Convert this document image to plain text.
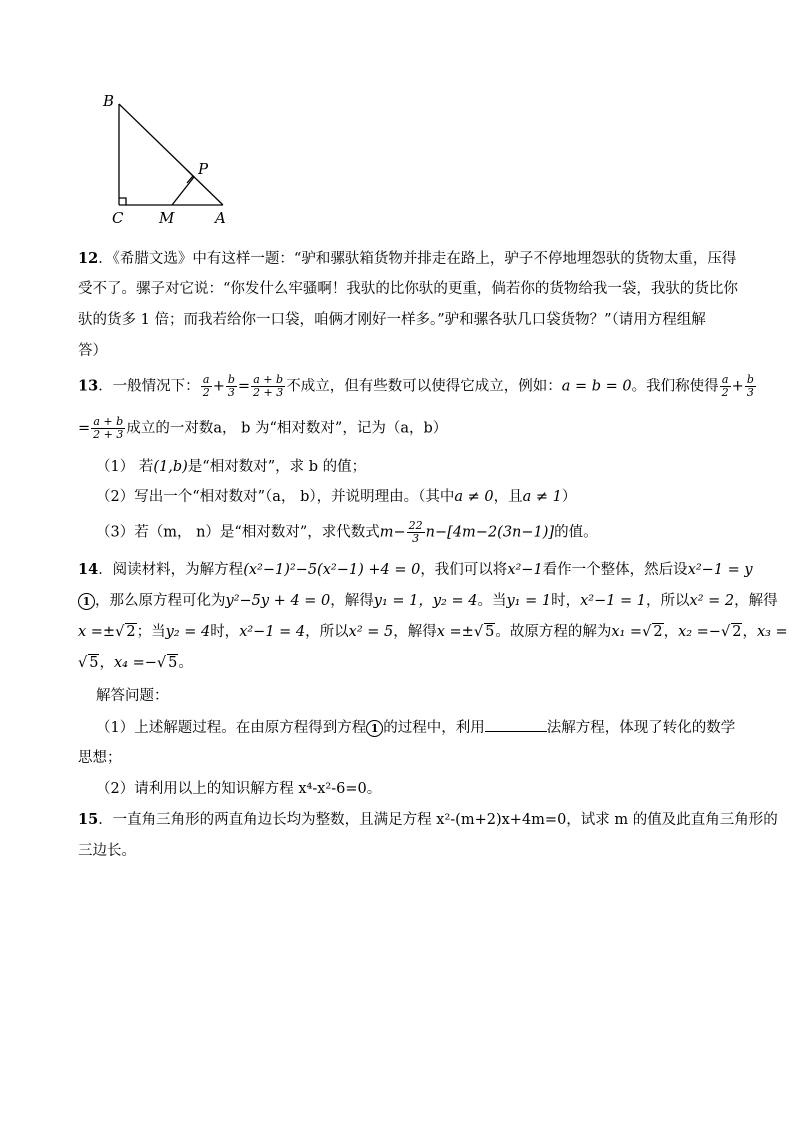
B
C M	A
P
12．《希腊文选》中有这样一题：“驴和骡驮箱货物并排走在路上，驴子不停地埋怨驮的货物太重，压得
受不了。骡子对它说：“你发什么牢骚啊！我驮的比你驮的更重，倘若你的货物给我一袋，我驮的货比你
驮的货多 1 倍；而我若给你一口袋，咱俩才刚好一样多。”驴和骡各驮几口袋货物？”（请用方程组解
答）
13．一般情况下： $\frac{a}{2} + \frac{b}{3} = \frac{a + b}{2 + 3}$ 不成立，但有些数可以使得它成立，例如：a = b = 0。我们称使得 $\frac{a}{2} + \frac{b}{3}$
= $\frac{a + b}{2 + 3}$ 成立的一对数a， b 为“相对数对”，记为（a，b）
（1） 若(1,b)是“相对数对”，求 b 的值；
（2）写出一个“相对数对”（a， b），并说明理由。（其中a ≠ 0，且a ≠ 1）
（3）若（m， n）是“相对数对”，求代数式$m- \frac{22}{3} n-[4m-2(3n-1)]$的值。
14．阅读材料，为解方程(x²−1)²−5(x²−1) +4 = 0，我们可以将x²−1看作一个整体，然后设x²−1 = y
1 ，那么原方程可化为y²−5y + 4 = 0，解得y₁ = 1，y₂ = 4。当y₁ = 1时，x²−1 = 1，所以x² = 2，解得
x =±√ 2；当y₂ = 4时，x²−1 = 4，所以x² = 5，解得x =±√ 5。故原方程的解为x₁ =√ 2，x₂ =−√ 2，x₃ =
√ 5，x₄ =−√ 5。
解答问题：
（1）上述解题过程。在由原方程得到方程 1 的过程中，利用	法解方程，体现了转化的数学
思想；
（2）请利用以上的知识解方程 x⁴-x²-6=0。
15．一直角三角形的两直角边长均为整数，且满足方程 x²-(m+2)x+4m=0，试求 m 的值及此直角三角形的
三边长。
